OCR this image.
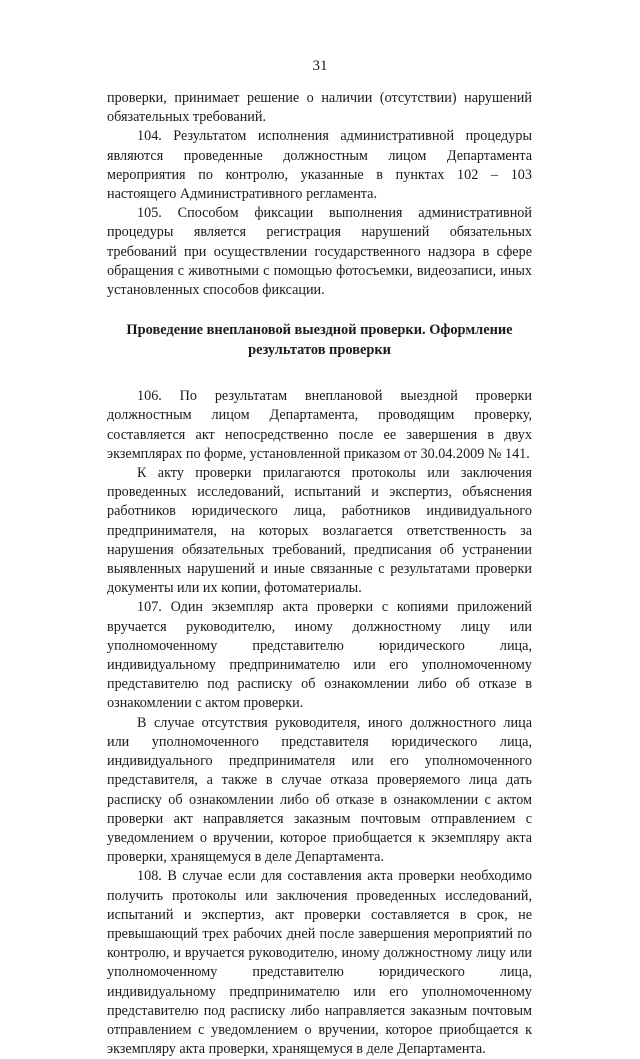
31

проверки, принимает решение о наличии (отсутствии) нарушений обязательных требований.

104. Результатом исполнения административной процедуры являются проведенные должностным лицом Департамента мероприятия по контролю, указанные в пунктах 102 – 103 настоящего Административного регламента.

105. Способом фиксации выполнения административной процедуры является регистрация нарушений обязательных требований при осуществлении государственного надзора в сфере обращения с животными с помощью фотосъемки, видеозаписи, иных установленных способов фиксации.

Проведение внеплановой выездной проверки. Оформление результатов проверки

106. По результатам внеплановой выездной проверки должностным лицом Департамента, проводящим проверку, составляется акт непосредственно после ее завершения в двух экземплярах по форме, установленной приказом от 30.04.2009 № 141.

К акту проверки прилагаются протоколы или заключения проведенных исследований, испытаний и экспертиз, объяснения работников юридического лица, работников индивидуального предпринимателя, на которых возлагается ответственность за нарушения обязательных требований, предписания об устранении выявленных нарушений и иные связанные с результатами проверки документы или их копии, фотоматериалы.

107. Один экземпляр акта проверки с копиями приложений вручается руководителю, иному должностному лицу или уполномоченному представителю юридического лица, индивидуальному предпринимателю или его уполномоченному представителю под расписку об ознакомлении либо об отказе в ознакомлении с актом проверки.

В случае отсутствия руководителя, иного должностного лица или уполномоченного представителя юридического лица, индивидуального предпринимателя или его уполномоченного представителя, а также в случае отказа проверяемого лица дать расписку об ознакомлении либо об отказе в ознакомлении с актом проверки акт направляется заказным почтовым отправлением с уведомлением о вручении, которое приобщается к экземпляру акта проверки, хранящемуся в деле Департамента.

108. В случае если для составления акта проверки необходимо получить протоколы или заключения проведенных исследований, испытаний и экспертиз, акт проверки составляется в срок, не превышающий трех рабочих дней после завершения мероприятий по контролю, и вручается руководителю, иному должностному лицу или уполномоченному представителю юридического лица, индивидуальному предпринимателю или его уполномоченному представителю под расписку либо направляется заказным почтовым отправлением с уведомлением о вручении, которое приобщается к экземпляру акта проверки, хранящемуся в деле Департамента.
